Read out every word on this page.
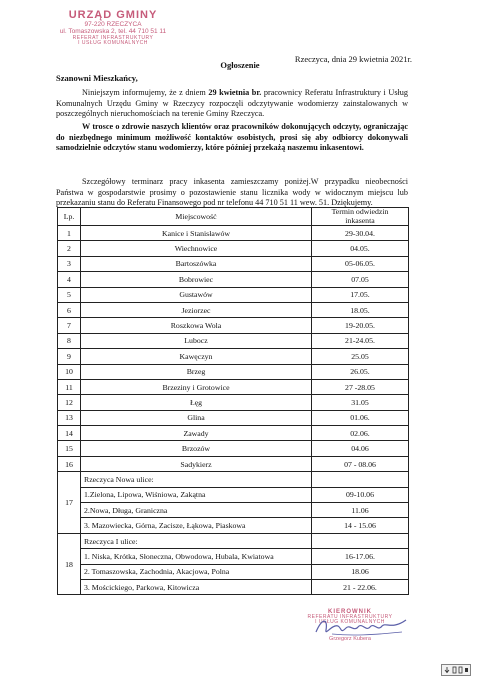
URZĄD GMINY
97-220 RZECZYCA
ul. Tomaszowska 2, tel. 44 710 51 11
REFERAT INFRASTRUKTURY
I USŁUG KOMUNALNYCH
Rzeczyca, dnia 29 kwietnia 2021r.
Ogłoszenie
Szanowni Mieszkańcy,

Niniejszym informujemy, że z dniem 29 kwietnia br. pracownicy Referatu Infrastruktury i Usług Komunalnych Urzędu Gminy w Rzeczycy rozpoczęli odczytywanie wodomierzy zainstalowanych w poszczególnych nieruchomościach na terenie Gminy Rzeczyca.

W trosce o zdrowie naszych klientów oraz pracowników dokonujących odczyty, ograniczając do niezbędnego minimum możliwość kontaktów osobistych, prosi się aby odbiorcy dokonywali samodzielnie odczytów stanu wodomierzy, które później przekażą naszemu inkasentowi.

Szczegółowy terminarz pracy inkasenta zamieszczamy poniżej.W przypadku nieobecności Państwa w gospodarstwie prosimy o pozostawienie stanu licznika wody w widocznym miejscu lub przekazaniu stanu do Referatu Finansowego pod nr telefonu 44 710 51 11 wew. 51. Dziękujemy.

Lp.	Miejscowość	Termin odwiedzin
inkasenta

1	Kanice i Stanisławów	29-30.04.
2	Wiechnowice	04.05.
3	Bartoszówka	05-06.05.
4	Bobrowiec	07.05
5	Gustawów	17.05.
6	Jeziorzec	18.05.
7	Roszkowa Wola	19-20.05.
8	Lubocz	21-24.05.
9	Kawęczyn	25.05
10	Brzeg	26.05.
11	Brzeziny i Grotowice	27 -28.05
12	Łęg	31.05
13	Glina	01.06.
14	Zawady	02.06.
15	Brzozów	04.06
16	Sadykierz	07 - 08.06
17	Rzeczyca Nowa ulice:	
	1.Zielona, Lipowa, Wiśniowa, Zakątna	09-10.06
	2.Nowa, Długa, Graniczna	11.06
	3. Mazowiecka, Górna, Zacisze, Łąkowa, Piaskowa	14 - 15.06
18	Rzeczyca I ulice:	
	1. Niska, Krótka, Słoneczna, Obwodowa, Hubala, Kwiatowa	16-17.06.
	2. Tomaszowska, Zachodnia, Akacjowa, Polna	18.06
	3. Mościckiego, Parkowa, Kitowicza	21 - 22.06.
KIEROWNIK
REFERATU INFRASTRUKTURY
I USŁUG KOMUNALNYCH
Grzegorz Kubera
